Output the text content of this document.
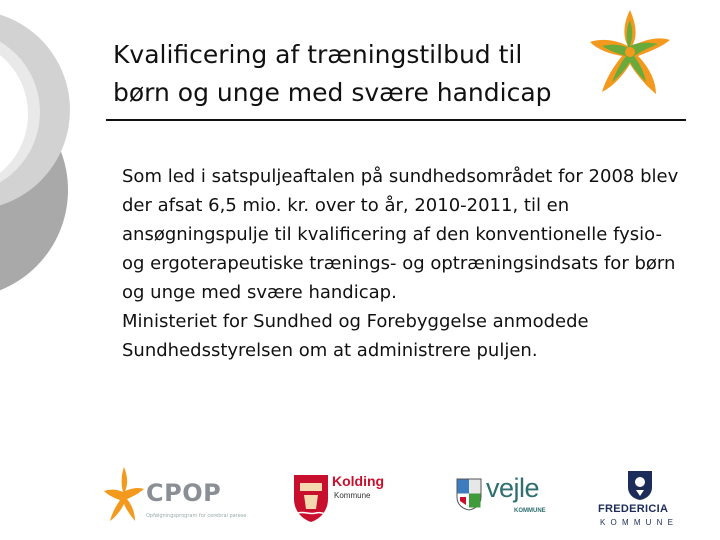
Kvalificering af træningstilbud til
børn og unge med svære handicap

Som led i satspuljeaftalen på sundhedsområdet for 2008 blev der afsat 6,5 mio. kr. over to år, 2010-2011, til en ansøgningspulje til kvalificering af den konventionelle fysio- og ergoterapeutiske trænings- og optræningsindsats for børn og unge med svære handicap.

Ministeriet for Sundhed og Forebyggelse anmodede Sundhedsstyrelsen om at administrere puljen.

CPOP
Opfølgningsprogram for cerebral parese
Kolding
Kommune	vejle
KOMMUNE	FREDERICIA
KOMMUNE
